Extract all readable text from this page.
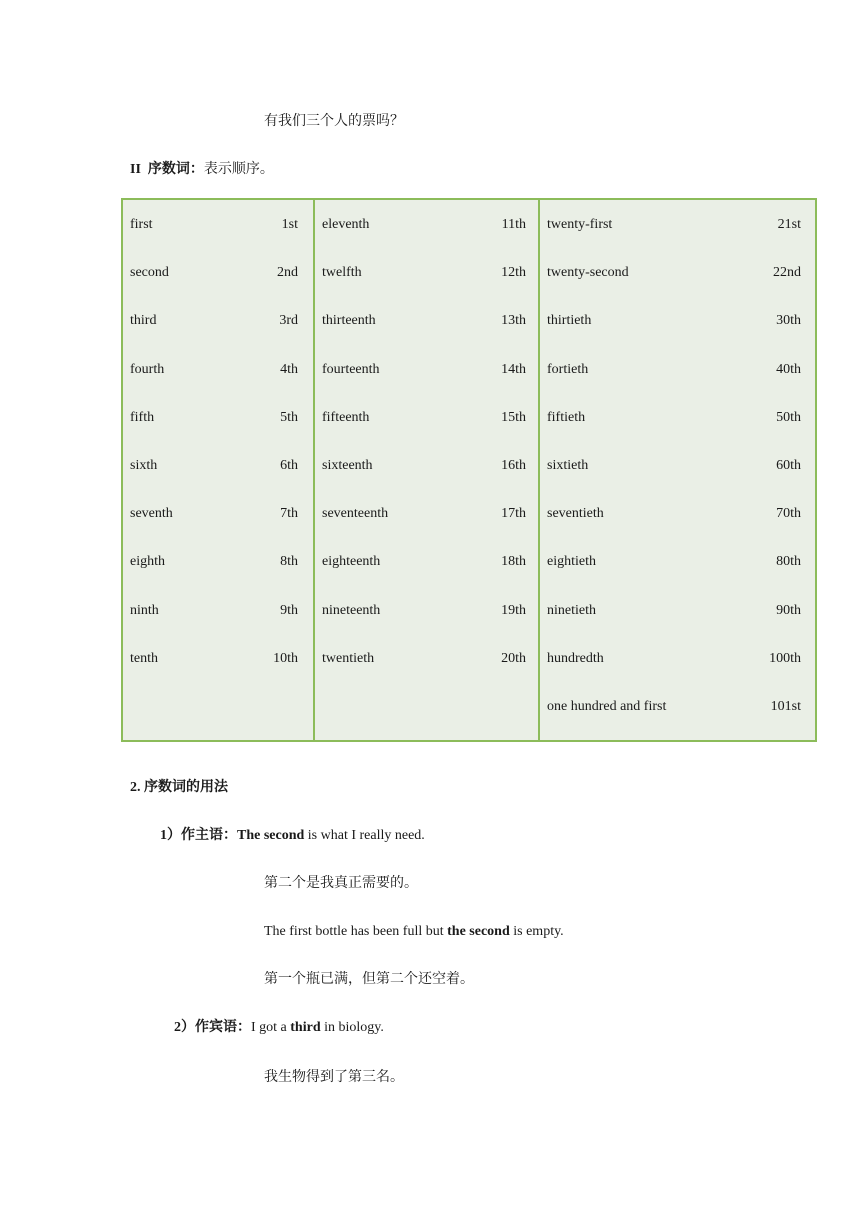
有我们三个人的票吗？
II 序数词：表示顺序。
first	1st
second	2nd
third	3rd
fourth	4th
fifth	5th
sixth	6th
seventh	7th
eighth	8th
ninth	9th
tenth	10th
eleventh	11th
twelfth	12th
thirteenth	13th
fourteenth	14th
fifteenth	15th
sixteenth	16th
seventeenth	17th
eighteenth	18th
nineteenth	19th
twentieth	20th
twenty-first	21st
twenty-second	22nd
thirtieth	30th
fortieth	40th
fiftieth	50th
sixtieth	60th
seventieth	70th
eightieth	80th
ninetieth	90th
hundredth	100th
one hundred and first	101st
2. 序数词的用法
1）作主语：The second is what I really need.
第二个是我真正需要的。
The first bottle has been full but the second is empty.
第一个瓶已满，但第二个还空着。
2）作宾语：I got a third in biology.
我生物得到了第三名。
